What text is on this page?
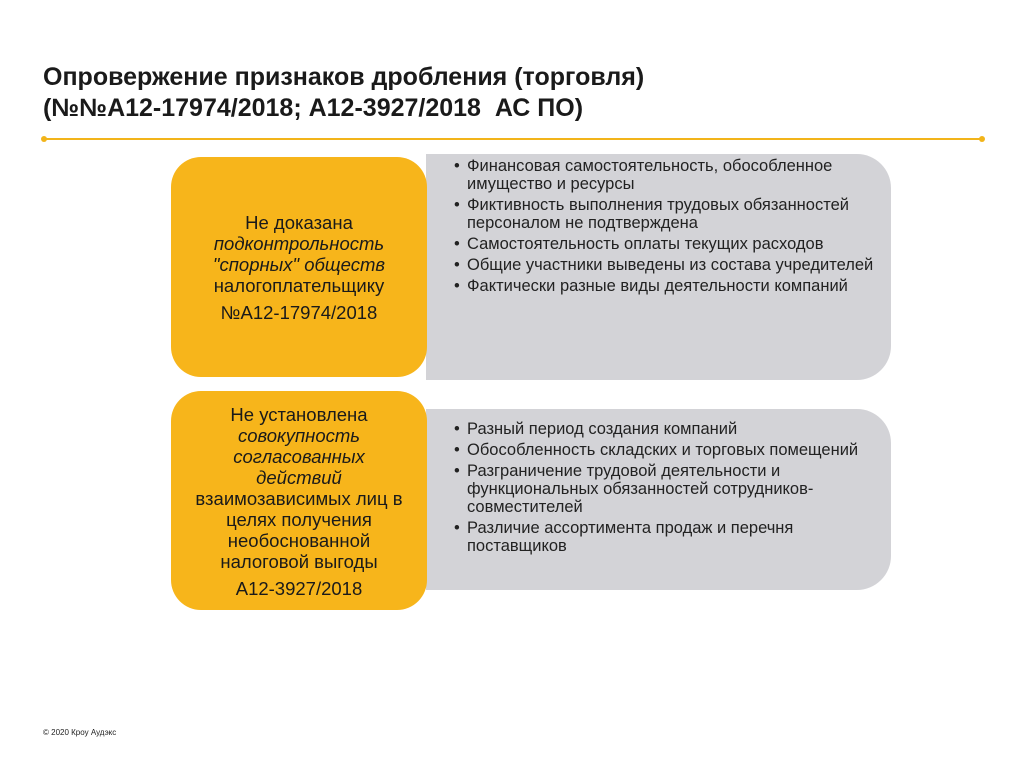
Опровержение признаков дробления (торговля)
(№№А12-17974/2018; А12-3927/2018  АС ПО)
• Финансовая самостоятельность, обособленное имущество и ресурсы
• Фиктивность выполнения трудовых обязанностей персоналом не подтверждена
• Самостоятельность оплаты текущих расходов
• Общие участники выведены из состава учредителей
• Фактически разные виды деятельности компаний
Не доказана
подконтрольность "спорных" обществ
налогоплательщику
№А12-17974/2018
• Разный период создания компаний
• Обособленность складских и торговых помещений
• Разграничение трудовой деятельности и функциональных обязанностей сотрудников-совместителей
• Различие ассортимента продаж и перечня поставщиков
Не установлена
совокупность согласованных действий
взаимозависимых лиц в целях получения необоснованной налоговой выгоды
А12-3927/2018
© 2020 Кроу Аудэкс
